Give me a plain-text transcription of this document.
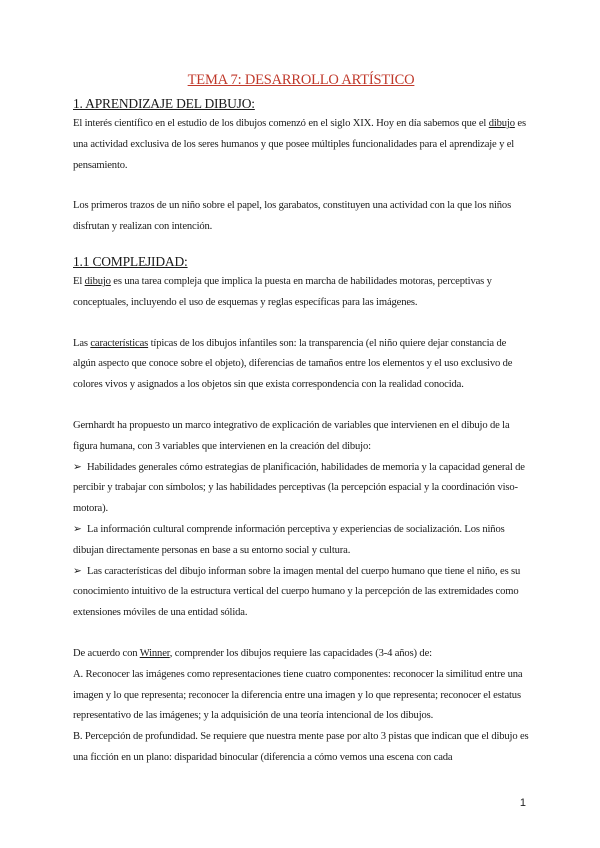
TEMA 7: DESARROLLO ARTÍSTICO
1. APRENDIZAJE DEL DIBUJO:

El interés científico en el estudio de los dibujos comenzó en el siglo XIX. Hoy en día sabemos que el dibujo es una actividad exclusiva de los seres humanos y que posee múltiples funcionalidades para el aprendizaje y el pensamiento.

Los primeros trazos de un niño sobre el papel, los garabatos, constituyen una actividad con la que los niños disfrutan y realizan con intención.

1.1 COMPLEJIDAD:

El dibujo es una tarea compleja que implica la puesta en marcha de habilidades motoras, perceptivas y conceptuales, incluyendo el uso de esquemas y reglas específicas para las imágenes.

Las características típicas de los dibujos infantiles son: la transparencia (el niño quiere dejar constancia de algún aspecto que conoce sobre el objeto), diferencias de tamaños entre los elementos y el uso exclusivo de colores vivos y asignados a los objetos sin que exista correspondencia con la realidad conocida.

Gernhardt ha propuesto un marco integrativo de explicación de variables que intervienen en el dibujo de la figura humana, con 3 variables que intervienen en la creación del dibujo:

➢ Habilidades generales cómo estrategias de planificación, habilidades de memoria y la capacidad general de percibir y trabajar con símbolos; y las habilidades perceptivas (la percepción espacial y la coordinación viso-motora).

➢ La información cultural comprende información perceptiva y experiencias de socialización. Los niños dibujan directamente personas en base a su entorno social y cultura.

➢ Las características del dibujo informan sobre la imagen mental del cuerpo humano que tiene el niño, es su conocimiento intuitivo de la estructura vertical del cuerpo humano y la percepción de las extremidades como extensiones móviles de una entidad sólida.

De acuerdo con Winner, comprender los dibujos requiere las capacidades (3-4 años) de:

A. Reconocer las imágenes como representaciones tiene cuatro componentes: reconocer la similitud entre una imagen y lo que representa; reconocer la diferencia entre una imagen y lo que representa; reconocer el estatus representativo de las imágenes; y la adquisición de una teoría intencional de los dibujos.

B. Percepción de profundidad. Se requiere que nuestra mente pase por alto 3 pistas que indican que el dibujo es una ficción en un plano: disparidad binocular (diferencia a cómo vemos una escena con cada

1
